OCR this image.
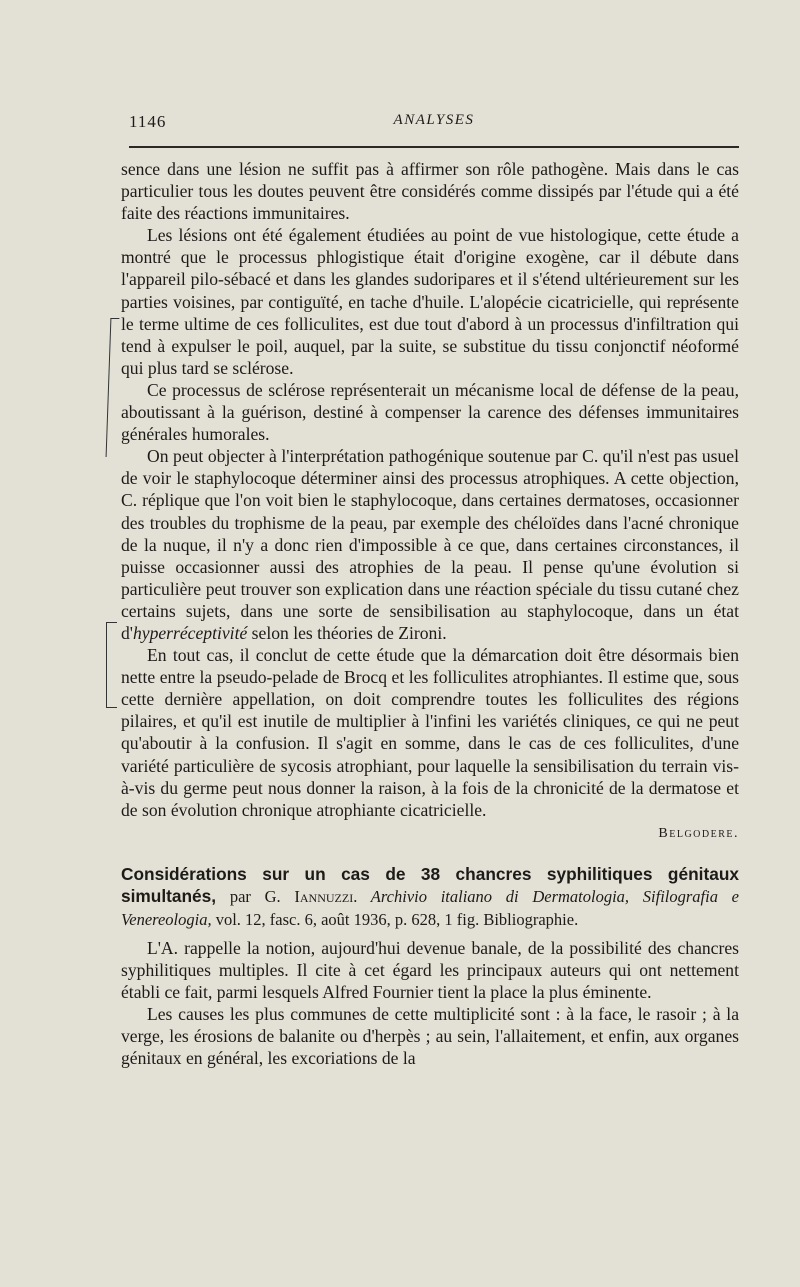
1146	ANALYSES

sence dans une lésion ne suffit pas à affirmer son rôle pathogène. Mais dans le cas particulier tous les doutes peuvent être considérés comme dissipés par l'étude qui a été faite des réactions immunitaires.

Les lésions ont été également étudiées au point de vue histologique, cette étude a montré que le processus phlogistique était d'origine exogène, car il débute dans l'appareil pilo-sébacé et dans les glandes sudoripares et il s'étend ultérieurement sur les parties voisines, par contiguïté, en tache d'huile. L'alopécie cicatricielle, qui représente le terme ultime de ces folliculites, est due tout d'abord à un processus d'infiltration qui tend à expulser le poil, auquel, par la suite, se substitue du tissu conjonctif néoformé qui plus tard se sclérose.

Ce processus de sclérose représenterait un mécanisme local de défense de la peau, aboutissant à la guérison, destiné à compenser la carence des défenses immunitaires générales humorales.

On peut objecter à l'interprétation pathogénique soutenue par C. qu'il n'est pas usuel de voir le staphylocoque déterminer ainsi des processus atrophiques. A cette objection, C. réplique que l'on voit bien le staphylocoque, dans certaines dermatoses, occasionner des troubles du trophisme de la peau, par exemple des chéloïdes dans l'acné chronique de la nuque, il n'y a donc rien d'impossible à ce que, dans certaines circonstances, il puisse occasionner aussi des atrophies de la peau. Il pense qu'une évolution si particulière peut trouver son explication dans une réaction spéciale du tissu cutané chez certains sujets, dans une sorte de sensibilisation au staphylocoque, dans un état d'hyperréceptivité selon les théories de Zironi.

En tout cas, il conclut de cette étude que la démarcation doit être désormais bien nette entre la pseudo-pelade de Brocq et les folliculites atrophiantes. Il estime que, sous cette dernière appellation, on doit comprendre toutes les folliculites des régions pilaires, et qu'il est inutile de multiplier à l'infini les variétés cliniques, ce qui ne peut qu'aboutir à la confusion. Il s'agit en somme, dans le cas de ces folliculites, d'une variété particulière de sycosis atrophiant, pour laquelle la sensibilisation du terrain vis-à-vis du germe peut nous donner la raison, à la fois de la chronicité de la dermatose et de son évolution chronique atrophiante cicatricielle.

Belgodere.
Considérations sur un cas de 38 chancres syphilitiques génitaux simultanés, par G. Iannuzzi. Archivio italiano di Dermatologia, Sifilografia e Venereologia, vol. 12, fasc. 6, août 1936, p. 628, 1 fig. Bibliographie.

L'A. rappelle la notion, aujourd'hui devenue banale, de la possibilité des chancres syphilitiques multiples. Il cite à cet égard les principaux auteurs qui ont nettement établi ce fait, parmi lesquels Alfred Fournier tient la place la plus éminente.

Les causes les plus communes de cette multiplicité sont : à la face, le rasoir ; à la verge, les érosions de balanite ou d'herpès ; au sein, l'allaitement, et enfin, aux organes génitaux en général, les excoriations de la
